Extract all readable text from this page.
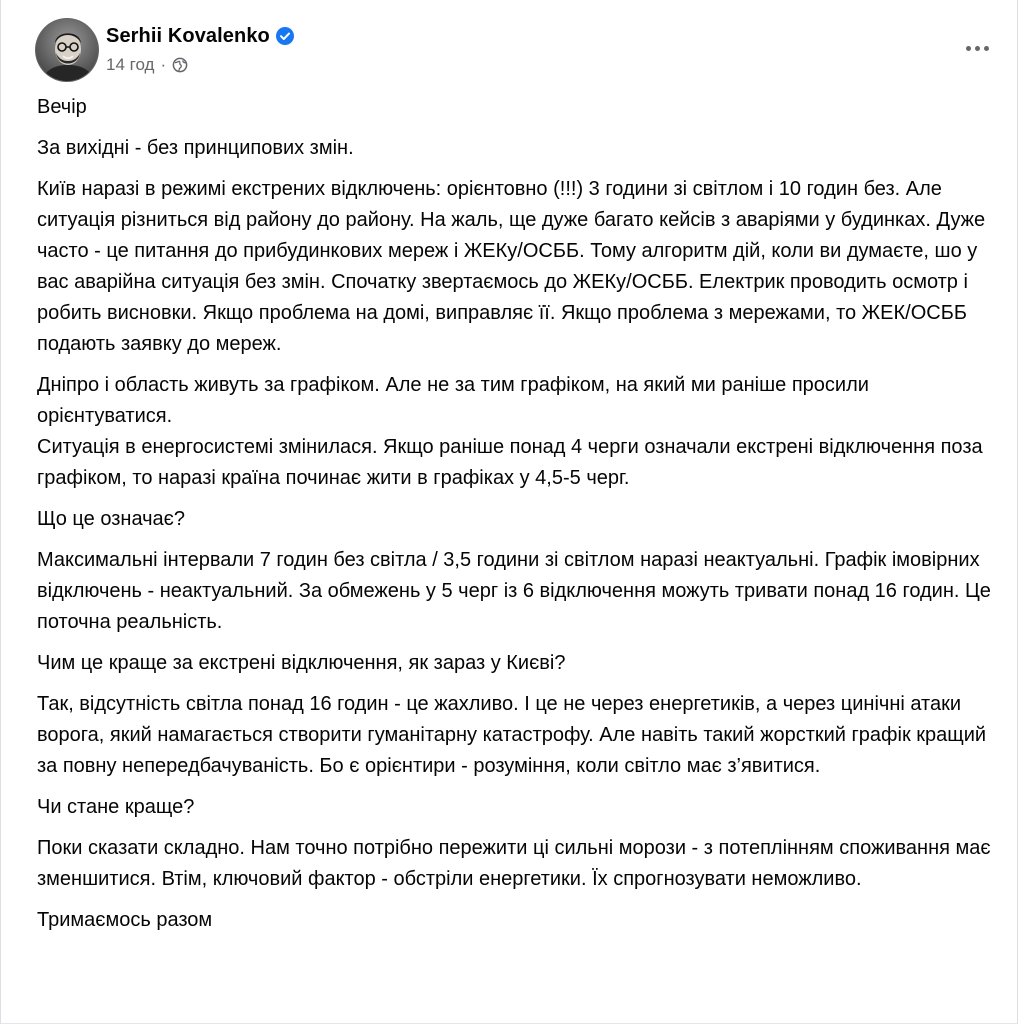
Serhii Kovalenko
14 год ·

Вечір

За вихідні - без принципових змін.

Київ наразі в режимі екстрених відключень: орієнтовно (!!!) 3 години зі світлом і 10 годин без. Але ситуація різниться від району до району. На жаль, ще дуже багато кейсів з аваріями у будинках. Дуже часто - це питання до прибудинкових мереж і ЖЕКу/ОСББ. Тому алгоритм дій, коли ви думаєте, шо у вас аварійна ситуація без змін. Спочатку звертаємось до ЖЕКу/ОСББ. Електрик проводить осмотр і робить висновки. Якщо проблема на домі, виправляє її. Якщо проблема з мережами, то ЖЕК/ОСББ подають заявку до мереж.

Дніпро і область живуть за графіком. Але не за тим графіком, на який ми раніше просили орієнтуватися.
Ситуація в енергосистемі змінилася. Якщо раніше понад 4 черги означали екстрені відключення поза графіком, то наразі країна починає жити в графіках у 4,5-5 черг.

Що це означає?

Максимальні інтервали 7 годин без світла / 3,5 години зі світлом наразі неактуальні. Графік імовірних відключень - неактуальний. За обмежень у 5 черг із 6 відключення можуть тривати понад 16 годин. Це поточна реальність.

Чим це краще за екстрені відключення, як зараз у Києві?

Так, відсутність світла понад 16 годин - це жахливо. І це не через енергетиків, а через цинічні атаки ворога, який намагається створити гуманітарну катастрофу. Але навіть такий жорсткий графік кращий за повну непередбачуваність. Бо є орієнтири - розуміння, коли світло має з’явитися.

Чи стане краще?

Поки сказати складно. Нам точно потрібно пережити ці сильні морози - з потеплінням споживання має зменшитися. Втім, ключовий фактор - обстріли енергетики. Їх спрогнозувати неможливо.

Тримаємось разом
